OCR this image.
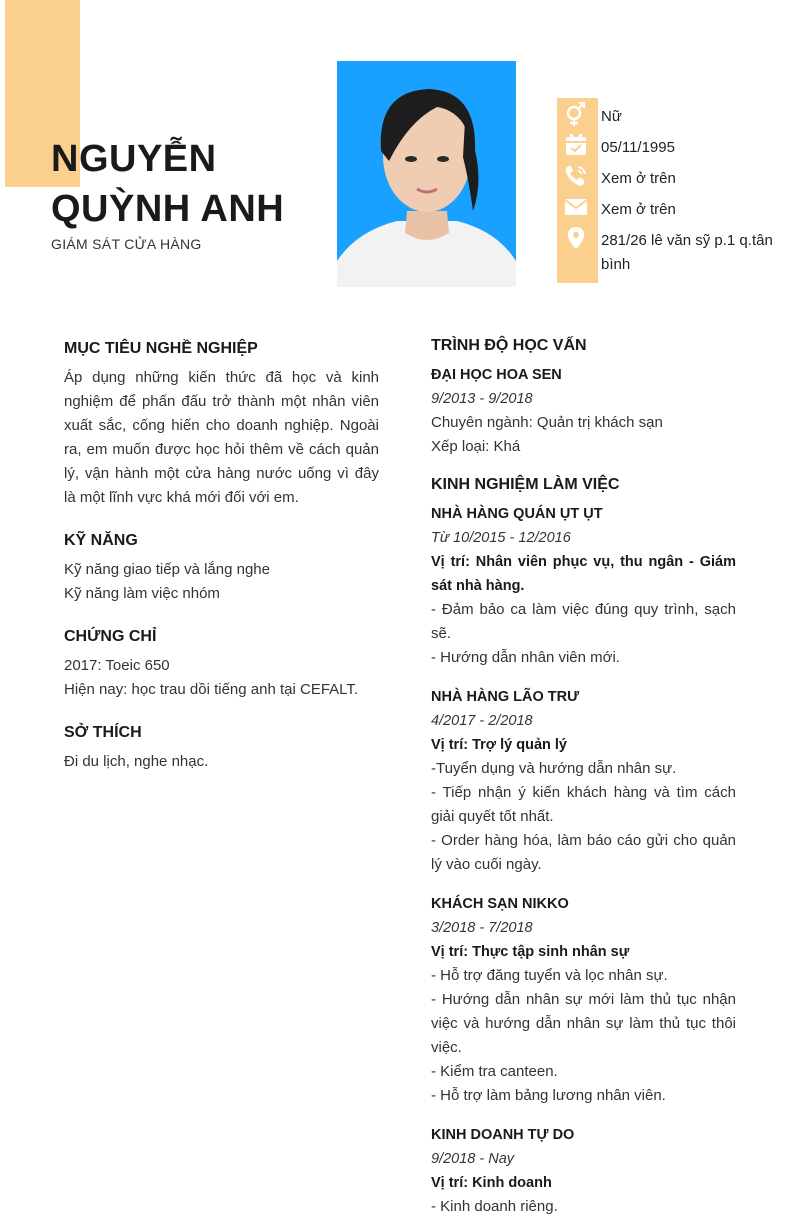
NGUYỄN
QUỲNH ANH
GIÁM SÁT CỬA HÀNG
Nữ
05/11/1995
Xem ở trên
Xem ở trên
281/26 lê văn sỹ p.1 q.tân bình
MỤC TIÊU NGHỀ NGHIỆP

Áp dụng những kiến thức đã học và kinh nghiệm để phấn đấu trở thành một nhân viên xuất sắc, cống hiến cho doanh nghiệp. Ngoài ra, em muốn được học hỏi thêm về cách quản lý, vận hành một cửa hàng nước uống vì đây là một lĩnh vực khá mới đối với em.

KỸ NĂNG

Kỹ năng giao tiếp và lắng nghe

Kỹ năng làm việc nhóm

CHỨNG CHỈ

2017: Toeic 650

Hiện nay: học trau dồi tiếng anh tại CEFALT.

SỞ THÍCH

Đi du lịch, nghe nhạc.

TRÌNH ĐỘ HỌC VẤN

ĐẠI HỌC HOA SEN

9/2013 - 9/2018

Chuyên ngành: Quản trị khách sạn

Xếp loại: Khá

KINH NGHIỆM LÀM VIỆC

NHÀ HÀNG QUÁN ỤT ỤT

Từ 10/2015 - 12/2016

Vị trí: Nhân viên phục vụ, thu ngân - Giám sát nhà hàng.

- Đảm bảo ca làm việc đúng quy trình, sạch sẽ.

- Hướng dẫn nhân viên mới.

NHÀ HÀNG LÃO TRƯ

4/2017 - 2/2018

Vị trí: Trợ lý quản lý

-Tuyển dụng và hướng dẫn nhân sự.

- Tiếp nhận ý kiến khách hàng và tìm cách giải quyết tốt nhất.

- Order hàng hóa, làm báo cáo gửi cho quản lý vào cuối ngày.

KHÁCH SẠN NIKKO

3/2018 - 7/2018

Vị trí: Thực tập sinh nhân sự

- Hỗ trợ đăng tuyển và lọc nhân sự.

- Hướng dẫn nhân sự mới làm thủ tục nhận việc và hướng dẫn nhân sự làm thủ tục thôi việc.

- Kiểm tra canteen.

- Hỗ trợ làm bảng lương nhân viên.

KINH DOANH TỰ DO

9/2018 - Nay

Vị trí: Kinh doanh

- Kinh doanh riêng.
